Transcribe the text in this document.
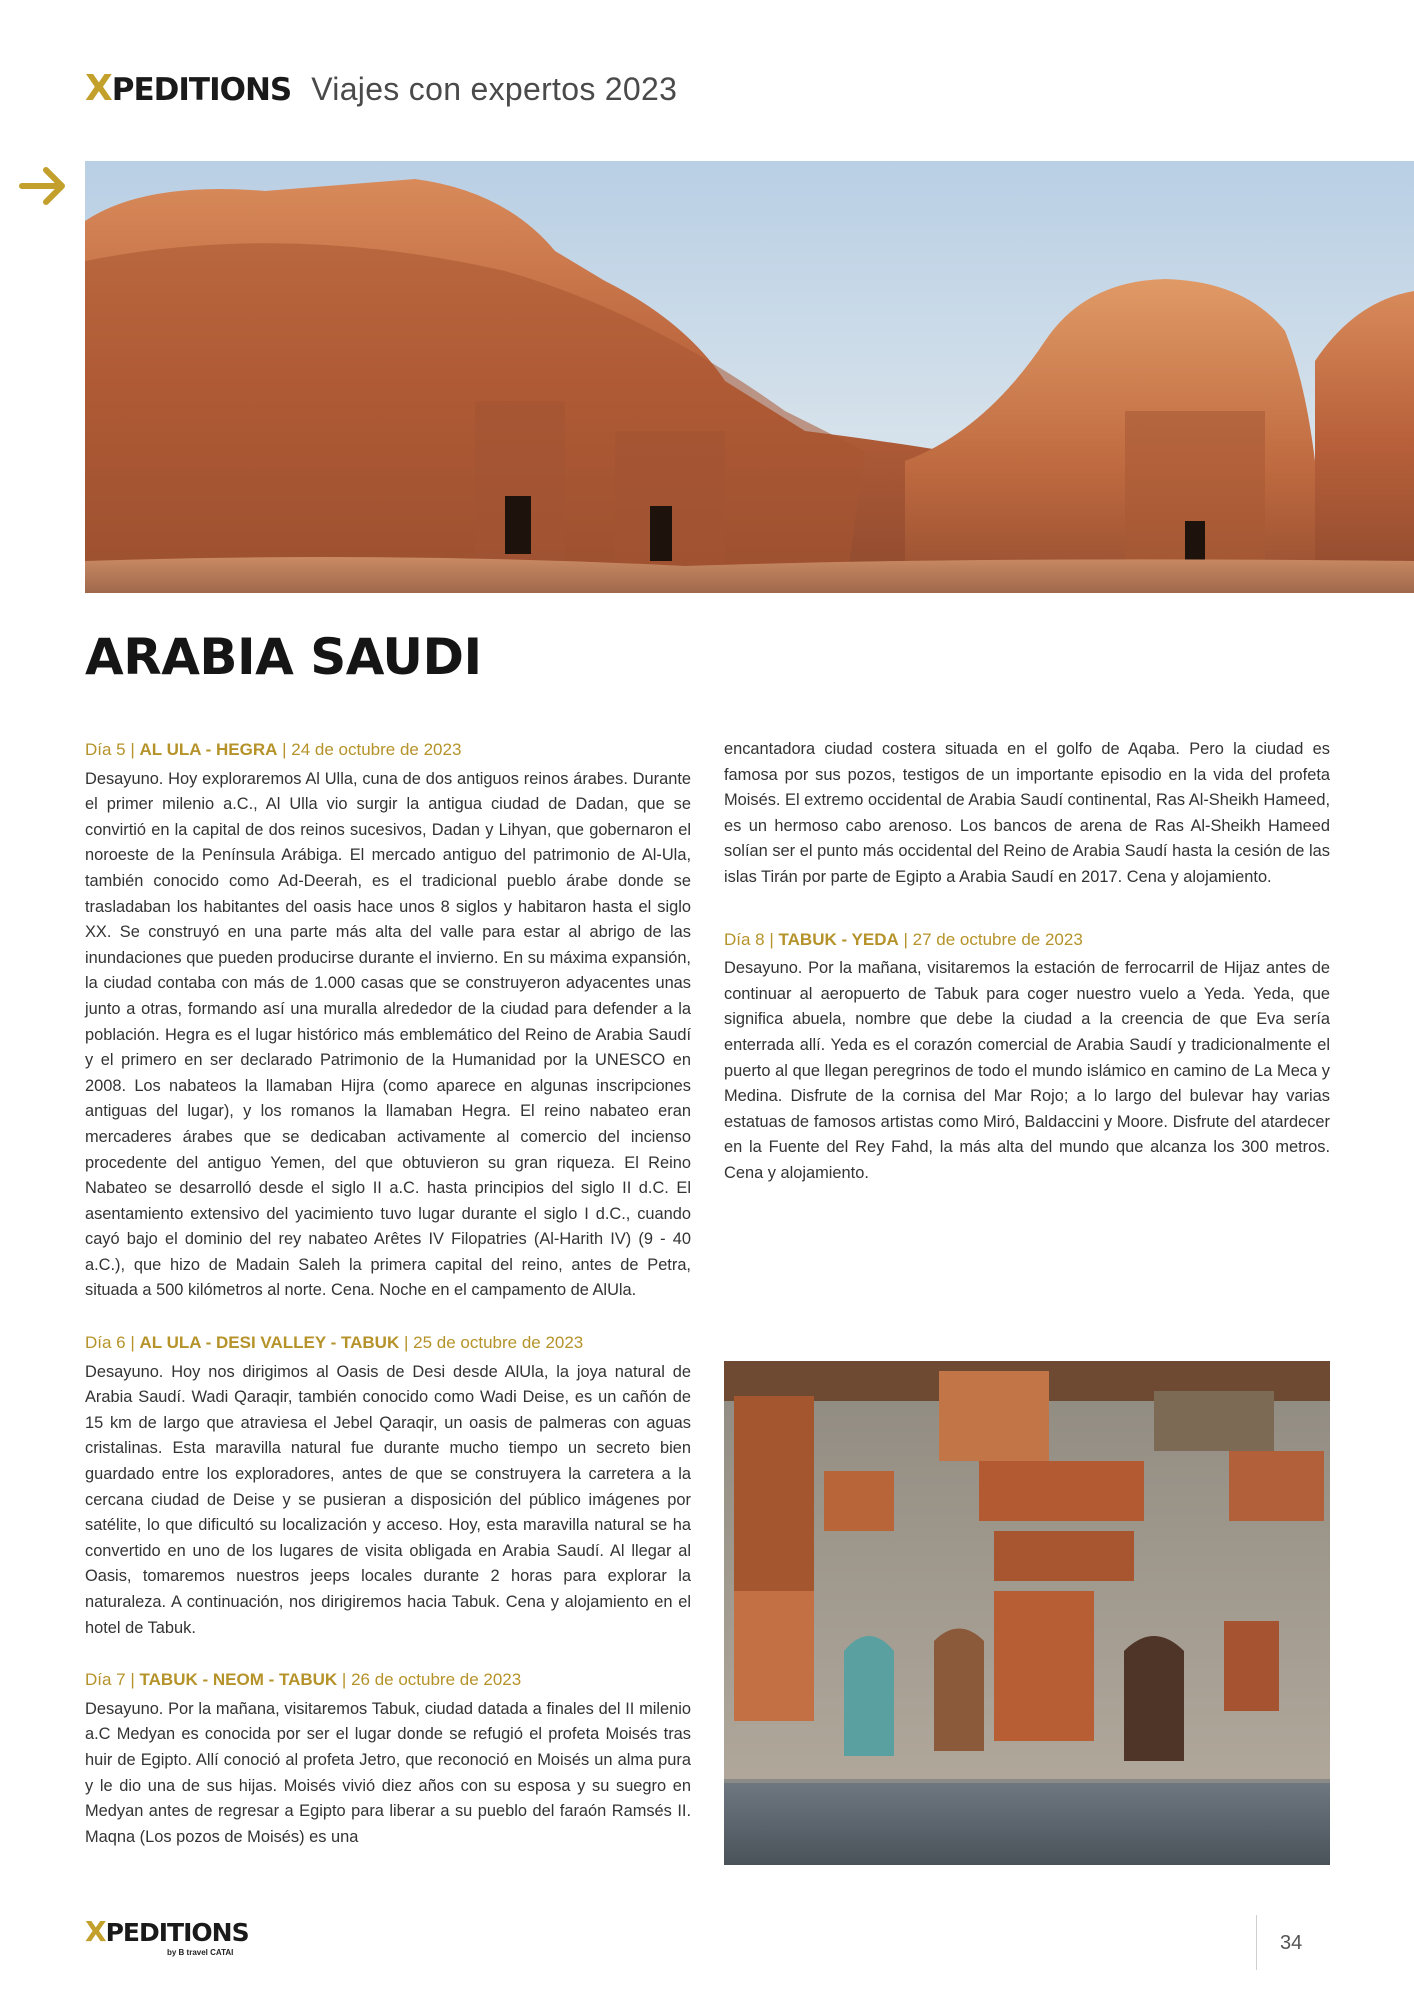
XPEDITIONS Viajes con expertos 2023
ARABIA SAUDI
Día 5 | AL ULA - HEGRA | 24 de octubre de 2023

Desayuno. Hoy exploraremos Al Ulla, cuna de dos antiguos reinos árabes. Durante el primer milenio a.C., Al Ulla vio surgir la antigua ciudad de Dadan, que se convirtió en la capital de dos reinos sucesivos, Dadan y Lihyan, que gobernaron el noroeste de la Península Arábiga. El mercado antiguo del patrimonio de Al-Ula, también conocido como Ad-Deerah, es el tradicional pueblo árabe donde se trasladaban los habitantes del oasis hace unos 8 siglos y habitaron hasta el siglo XX. Se construyó en una parte más alta del valle para estar al abrigo de las inundaciones que pueden producirse durante el invierno. En su máxima expansión, la ciudad contaba con más de 1.000 casas que se construyeron adyacentes unas junto a otras, formando así una muralla alrededor de la ciudad para defender a la población. Hegra es el lugar histórico más emblemático del Reino de Arabia Saudí y el primero en ser declarado Patrimonio de la Humanidad por la UNESCO en 2008. Los nabateos la llamaban Hijra (como aparece en algunas inscripciones antiguas del lugar), y los romanos la llamaban Hegra. El reino nabateo eran mercaderes árabes que se dedicaban activamente al comercio del incienso procedente del antiguo Yemen, del que obtuvieron su gran riqueza. El Reino Nabateo se desarrolló desde el siglo II a.C. hasta principios del siglo II d.C. El asentamiento extensivo del yacimiento tuvo lugar durante el siglo I d.C., cuando cayó bajo el dominio del rey nabateo Arêtes IV Filopatries (Al-Harith IV) (9 - 40 a.C.), que hizo de Madain Saleh la primera capital del reino, antes de Petra, situada a 500 kilómetros al norte. Cena. Noche en el campamento de AlUla.

Día 6 | AL ULA - DESI VALLEY - TABUK | 25 de octubre de 2023

Desayuno. Hoy nos dirigimos al Oasis de Desi desde AlUla, la joya natural de Arabia Saudí. Wadi Qaraqir, también conocido como Wadi Deise, es un cañón de 15 km de largo que atraviesa el Jebel Qaraqir, un oasis de palmeras con aguas cristalinas. Esta maravilla natural fue durante mucho tiempo un secreto bien guardado entre los exploradores, antes de que se construyera la carretera a la cercana ciudad de Deise y se pusieran a disposición del público imágenes por satélite, lo que dificultó su localización y acceso. Hoy, esta maravilla natural se ha convertido en uno de los lugares de visita obligada en Arabia Saudí. Al llegar al Oasis, tomaremos nuestros jeeps locales durante 2 horas para explorar la naturaleza. A continuación, nos dirigiremos hacia Tabuk. Cena y alojamiento en el hotel de Tabuk.

Día 7 | TABUK - NEOM - TABUK | 26 de octubre de 2023

Desayuno. Por la mañana, visitaremos Tabuk, ciudad datada a finales del II milenio a.C Medyan es conocida por ser el lugar donde se refugió el profeta Moisés tras huir de Egipto. Allí conoció al profeta Jetro, que reconoció en Moisés un alma pura y le dio una de sus hijas. Moisés vivió diez años con su esposa y su suegro en Medyan antes de regresar a Egipto para liberar a su pueblo del faraón Ramsés II. Maqna (Los pozos de Moisés) es una

encantadora ciudad costera situada en el golfo de Aqaba. Pero la ciudad es famosa por sus pozos, testigos de un importante episodio en la vida del profeta Moisés. El extremo occidental de Arabia Saudí continental, Ras Al-Sheikh Hameed, es un hermoso cabo arenoso. Los bancos de arena de Ras Al-Sheikh Hameed solían ser el punto más occidental del Reino de Arabia Saudí hasta la cesión de las islas Tirán por parte de Egipto a Arabia Saudí en 2017. Cena y alojamiento.

Día 8 | TABUK - YEDA | 27 de octubre de 2023

Desayuno. Por la mañana, visitaremos la estación de ferrocarril de Hijaz antes de continuar al aeropuerto de Tabuk para coger nuestro vuelo a Yeda. Yeda, que significa abuela, nombre que debe la ciudad a la creencia de que Eva sería enterrada allí. Yeda es el corazón comercial de Arabia Saudí y tradicionalmente el puerto al que llegan peregrinos de todo el mundo islámico en camino de La Meca y Medina. Disfrute de la cornisa del Mar Rojo; a lo largo del bulevar hay varias estatuas de famosos artistas como Miró, Baldaccini y Moore. Disfrute del atardecer en la Fuente del Rey Fahd, la más alta del mundo que alcanza los 300 metros. Cena y alojamiento.

XPEDITIONS
by B travel CATAI	34
